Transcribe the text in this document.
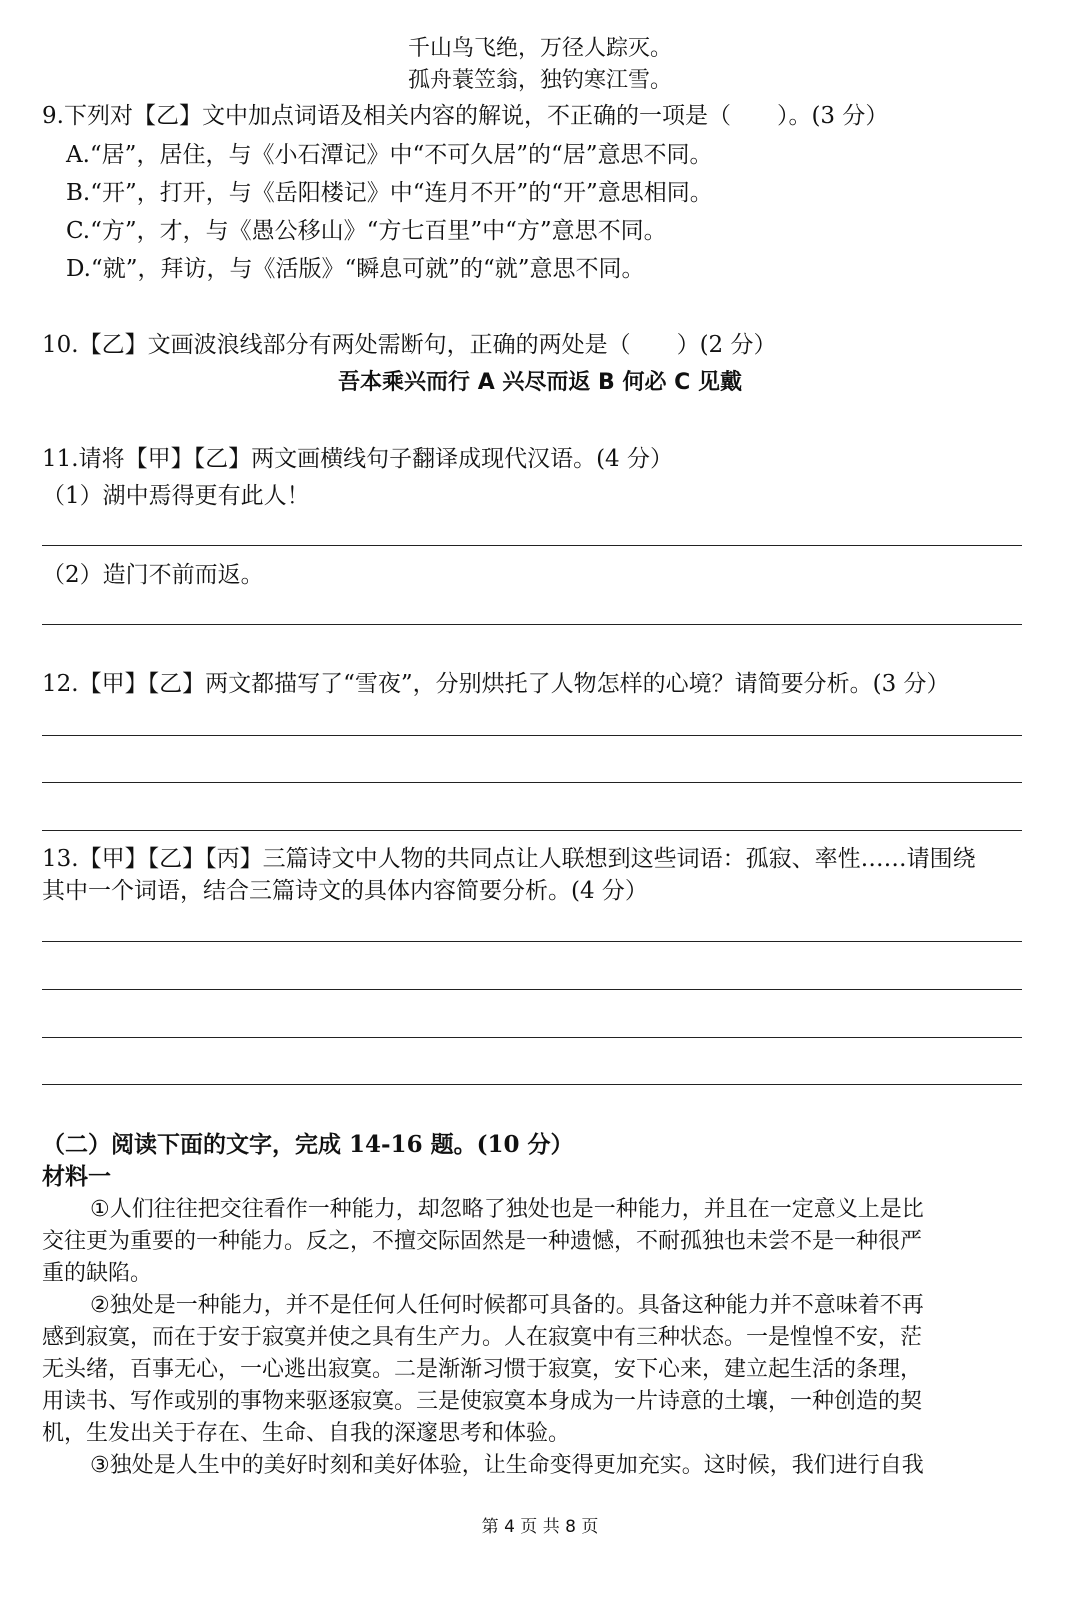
千山鸟飞绝，万径人踪灭。
孤舟蓑笠翁，独钓寒江雪。
9.下列对【乙】文中加点词语及相关内容的解说，不正确的一项是（　　）。(3 分）
A.“居”，居住，与《小石潭记》中“不可久居”的“居”意思不同。
B.“开”，打开，与《岳阳楼记》中“连月不开”的“开”意思相同。
C.“方”，才，与《愚公移山》“方七百里”中“方”意思不同。
D.“就”，拜访，与《活版》“瞬息可就”的“就”意思不同。
10.【乙】文画波浪线部分有两处需断句，正确的两处是（　　）(2 分）
吾本乘兴而行 A 兴尽而返 B 何必 C 见戴
11.请将【甲】【乙】两文画横线句子翻译成现代汉语。(4 分）
（1）湖中焉得更有此人！
（2）造门不前而返。
12.【甲】【乙】两文都描写了“雪夜”，分别烘托了人物怎样的心境？请简要分析。(3 分）
13.【甲】【乙】【丙】三篇诗文中人物的共同点让人联想到这些词语：孤寂、率性……请围绕
其中一个词语，结合三篇诗文的具体内容简要分析。(4 分）
（二）阅读下面的文字，完成 14-16 题。(10 分）
材料一
①人们往往把交往看作一种能力，却忽略了独处也是一种能力，并且在一定意义上是比
交往更为重要的一种能力。反之，不擅交际固然是一种遗憾，不耐孤独也未尝不是一种很严
重的缺陷。
②独处是一种能力，并不是任何人任何时候都可具备的。具备这种能力并不意味着不再
感到寂寞，而在于安于寂寞并使之具有生产力。人在寂寞中有三种状态。一是惶惶不安，茫
无头绪，百事无心，一心逃出寂寞。二是渐渐习惯于寂寞，安下心来，建立起生活的条理，
用读书、写作或别的事物来驱逐寂寞。三是使寂寞本身成为一片诗意的土壤，一种创造的契
机，生发出关于存在、生命、自我的深邃思考和体验。
③独处是人生中的美好时刻和美好体验，让生命变得更加充实。这时候，我们进行自我
第 4 页 共 8 页
